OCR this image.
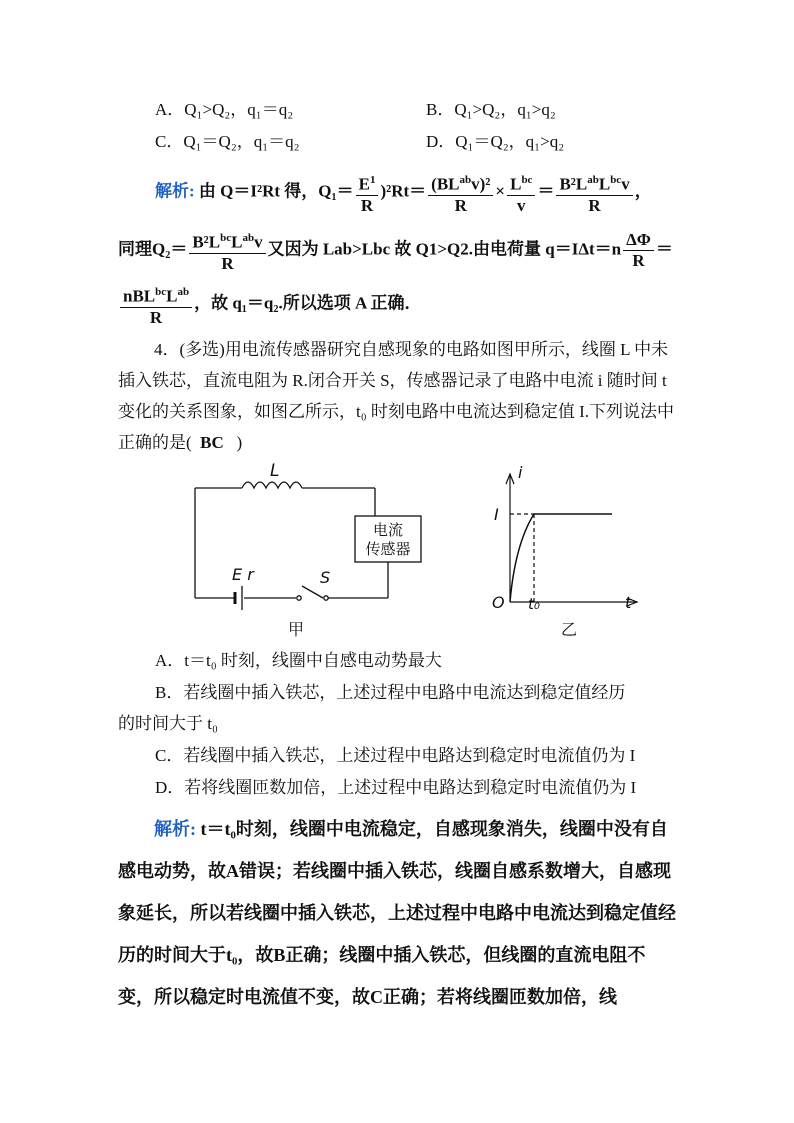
A．Q₁>Q₂，q₁＝q₂	B．Q₁>Q₂，q₁>q₂
C．Q₁＝Q₂，q₁＝q₂	D．Q₁＝Q₂，q₁>q₂
解析: 由 Q＝I²Rt 得，$Q_1= \frac{E^1}{R} )^2Rt= \frac{(BL^{ab}v)^2}{R} \times \frac{L^{bc}}{v} = \frac{B^2L^{ab}L^{bc}v}{R}$ ，
同理$Q_2= \frac{B^2L^{bc}L^{ab}v}{R}$ 又因为 Lab>Lbc 故 Q1>Q2.由电荷量 $q=I\Delta t=n \frac{\Delta\Phi}{R}$ ＝
$\frac{nBL^{bc}L^{ab}}{R}$ ，故 q₁＝q₂.所以选项 A 正确．
4．(多选)用电流传感器研究自感现象的电路如图甲所示，线圈 L 中未插入铁芯，直流电阻为 R.闭合开关 S，传感器记录了电路中电流 i 随时间 t 变化的关系图象，如图乙所示，t₀ 时刻电路中电流达到稳定值 I.下列说法中正确的是( BC )
L
电流
传感器
E r	S
甲
i
t
I
O t₀
乙
A．t＝t₀ 时刻，线圈中自感电动势最大
B．若线圈中插入铁芯，上述过程中电路中电流达到稳定值经历
的时间大于 t₀
C．若线圈中插入铁芯，上述过程中电路达到稳定时电流值仍为 I
D．若将线圈匝数加倍，上述过程中电路达到稳定时电流值仍为 I
解析: t＝t₀时刻，线圈中电流稳定，自感现象消失，线圈中没有自感电动势，故A错误；若线圈中插入铁芯，线圈自感系数增大，自感现象延长，所以若线圈中插入铁芯，上述过程中电路中电流达到稳定值经历的时间大于t₀，故B正确；线圈中插入铁芯，但线圈的直流电阻不变，所以稳定时电流值不变，故C正确；若将线圈匝数加倍，线
